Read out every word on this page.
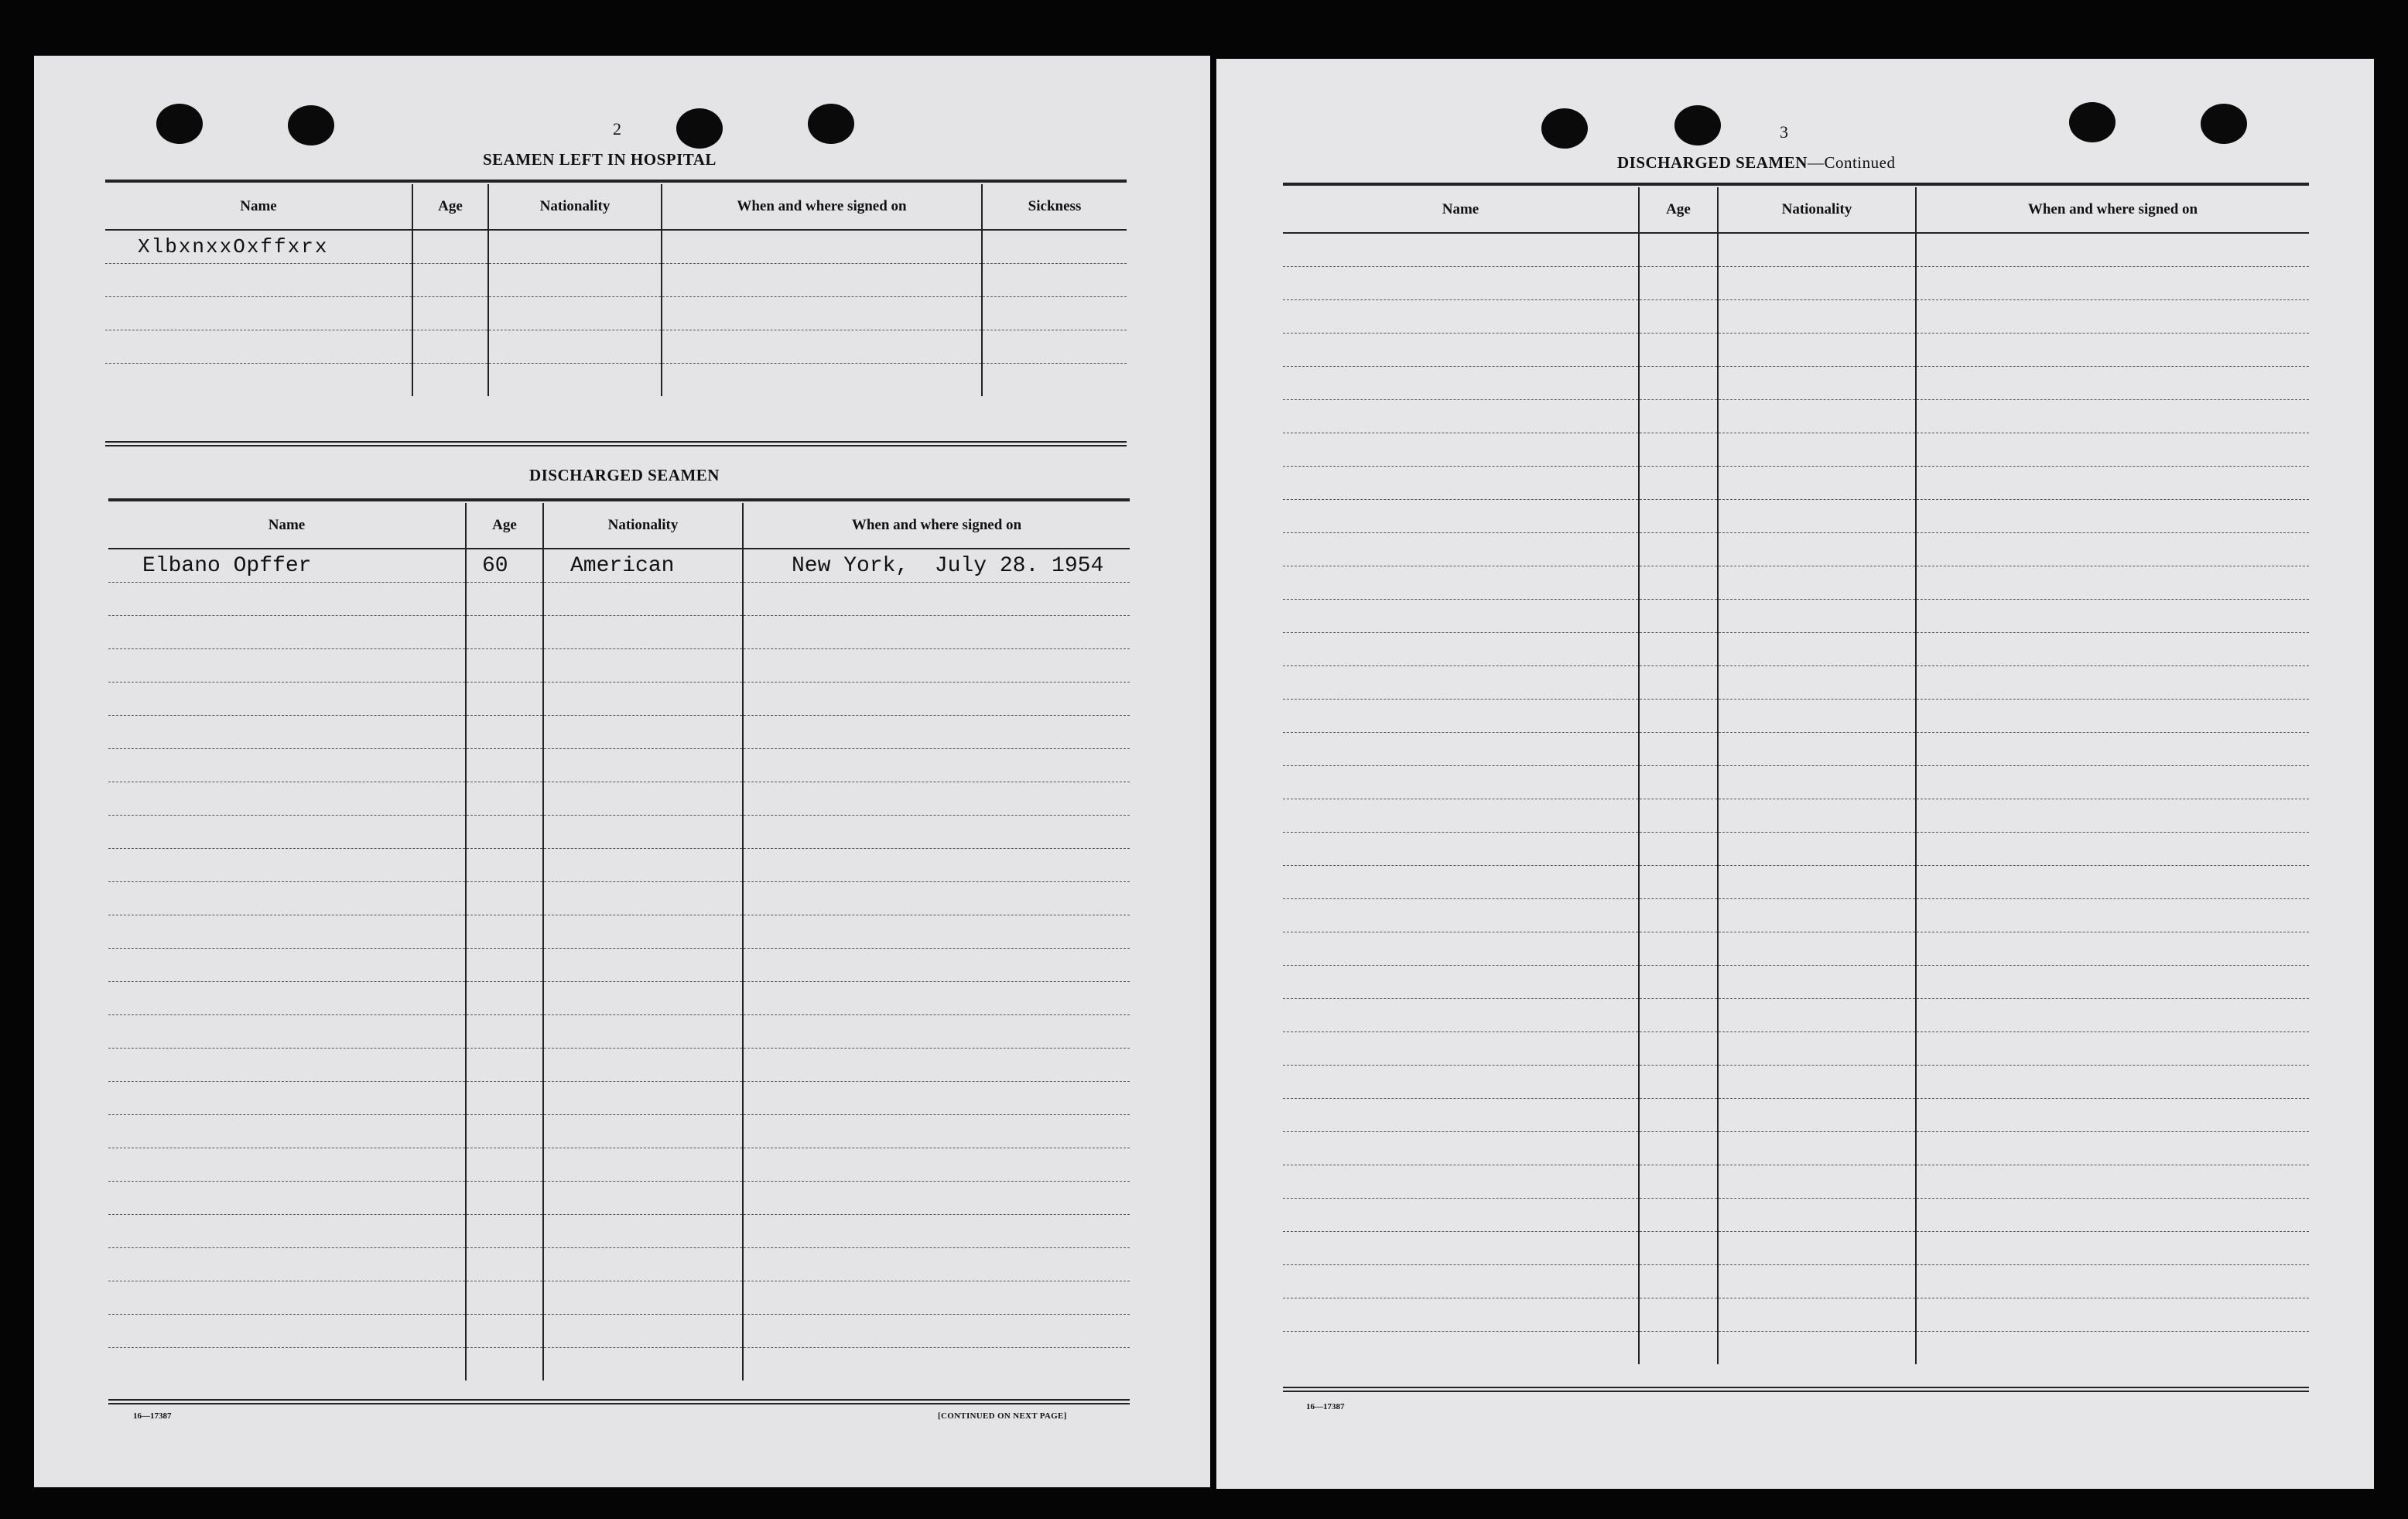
2
SEAMEN LEFT IN HOSPITAL
Name	Age	Nationality	When and where signed on	Sickness
XlbxnxxOxffxrx				

DISCHARGED SEAMEN
Name	Age	Nationality	When and where signed on
Elbano Opffer	60	American	New York,  July 28. 1954

16—17387	[CONTINUED ON NEXT PAGE]
3
DISCHARGED SEAMEN—Continued
Name	Age	Nationality	When and where signed on

16—17387
